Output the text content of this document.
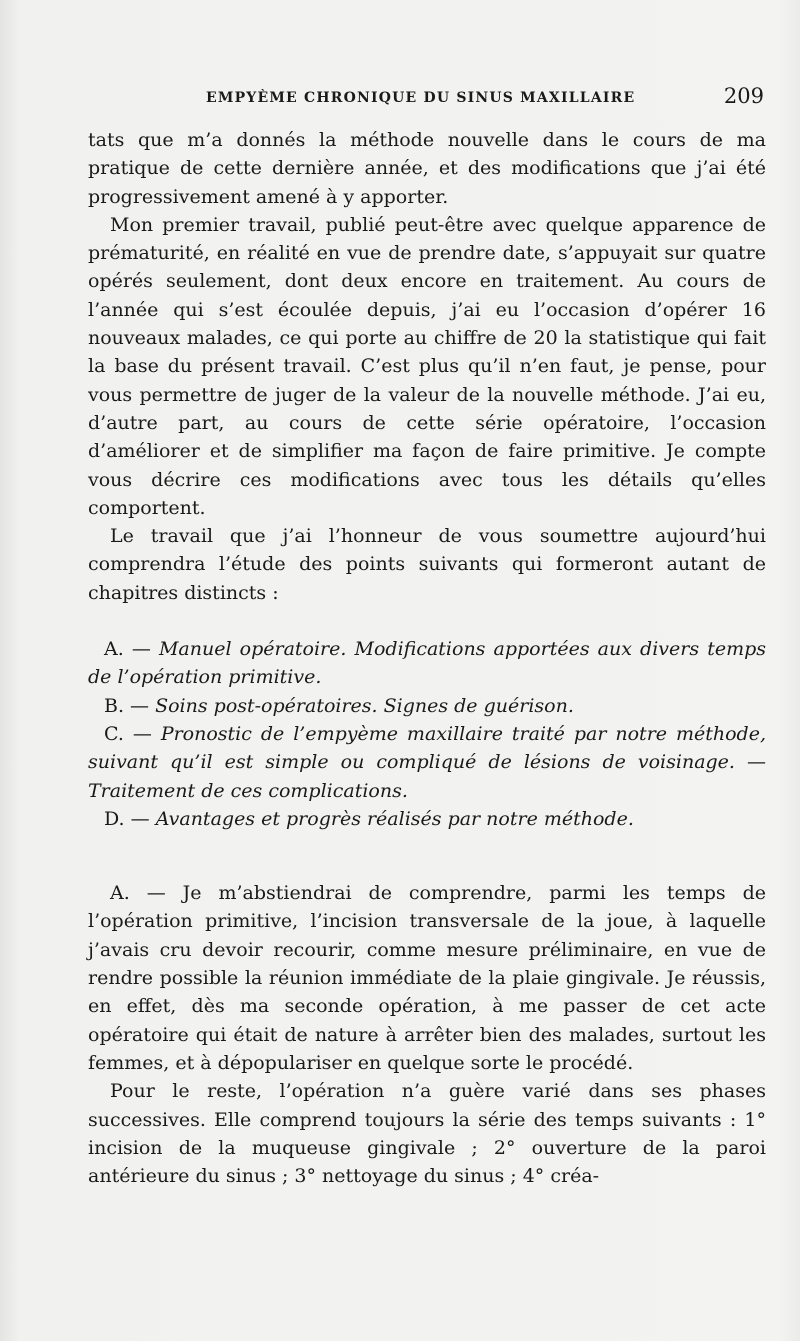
EMPYÈME CHRONIQUE DU SINUS MAXILLAIRE	209

tats que m’a donnés la méthode nouvelle dans le cours de ma pratique de cette dernière année, et des modifications que j’ai été progressivement amené à y apporter.

Mon premier travail, publié peut-être avec quelque apparence de prématurité, en réalité en vue de prendre date, s’appuyait sur quatre opérés seulement, dont deux encore en traitement. Au cours de l’année qui s’est écoulée depuis, j’ai eu l’occasion d’opérer 16 nouveaux malades, ce qui porte au chiffre de 20 la statistique qui fait la base du présent travail. C’est plus qu’il n’en faut, je pense, pour vous permettre de juger de la valeur de la nouvelle méthode. J’ai eu, d’autre part, au cours de cette série opératoire, l’occasion d’améliorer et de simplifier ma façon de faire primitive. Je compte vous décrire ces modifications avec tous les détails qu’elles comportent.

Le travail que j’ai l’honneur de vous soumettre aujourd’hui comprendra l’étude des points suivants qui formeront autant de chapitres distincts :

A. — Manuel opératoire. Modifications apportées aux divers temps de l’opération primitive.

B. — Soins post-opératoires. Signes de guérison.

C. — Pronostic de l’empyème maxillaire traité par notre méthode, suivant qu’il est simple ou compliqué de lésions de voisinage. — Traitement de ces complications.

D. — Avantages et progrès réalisés par notre méthode.

A. — Je m’abstiendrai de comprendre, parmi les temps de l’opération primitive, l’incision transversale de la joue, à laquelle j’avais cru devoir recourir, comme mesure préliminaire, en vue de rendre possible la réunion immédiate de la plaie gingivale. Je réussis, en effet, dès ma seconde opération, à me passer de cet acte opératoire qui était de nature à arrêter bien des malades, surtout les femmes, et à dépopulariser en quelque sorte le procédé.

Pour le reste, l’opération n’a guère varié dans ses phases successives. Elle comprend toujours la série des temps suivants : 1° incision de la muqueuse gingivale ; 2° ouverture de la paroi antérieure du sinus ; 3° nettoyage du sinus ; 4° créa-
